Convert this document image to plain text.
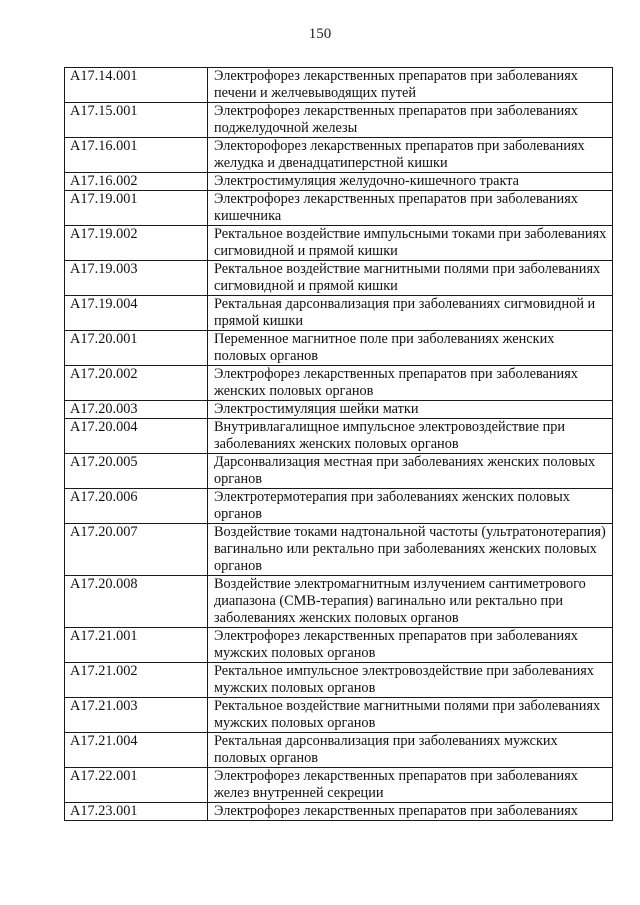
150
A17.14.001	Электрофорез лекарственных препаратов при заболеваниях печени и желчевыводящих путей
A17.15.001	Электрофорез лекарственных препаратов при заболеваниях поджелудочной железы
A17.16.001	Электорофорез лекарственных препаратов при заболеваниях желудка и двенадцатиперстной кишки
A17.16.002	Электростимуляция желудочно-кишечного тракта
A17.19.001	Электрофорез лекарственных препаратов при заболеваниях кишечника
A17.19.002	Ректальное воздействие импульсными токами при заболеваниях сигмовидной и прямой кишки
A17.19.003	Ректальное воздействие магнитными полями при заболеваниях сигмовидной и прямой кишки
A17.19.004	Ректальная дарсонвализация при заболеваниях сигмовидной и прямой кишки
A17.20.001	Переменное магнитное поле при заболеваниях женских половых органов
A17.20.002	Электрофорез лекарственных препаратов при заболеваниях женских половых органов
A17.20.003	Электростимуляция шейки матки
A17.20.004	Внутривлагалищное импульсное электровоздействие при заболеваниях женских половых органов
A17.20.005	Дарсонвализация местная при заболеваниях женских половых органов
A17.20.006	Электротермотерапия при заболеваниях женских половых органов
A17.20.007	Воздействие токами надтональной частоты (ультратонотерапия) вагинально или ректально при заболеваниях женских половых органов
A17.20.008	Воздействие электромагнитным излучением сантиметрового диапазона (СМВ-терапия) вагинально или ректально при заболеваниях женских половых органов
A17.21.001	Электрофорез лекарственных препаратов при заболеваниях мужских половых органов
A17.21.002	Ректальное импульсное электровоздействие при заболеваниях мужских половых органов
A17.21.003	Ректальное воздействие магнитными полями при заболеваниях мужских половых органов
A17.21.004	Ректальная дарсонвализация при заболеваниях мужских половых органов
A17.22.001	Электрофорез лекарственных препаратов при заболеваниях желез внутренней секреции
A17.23.001	Электрофорез лекарственных препаратов при заболеваниях
